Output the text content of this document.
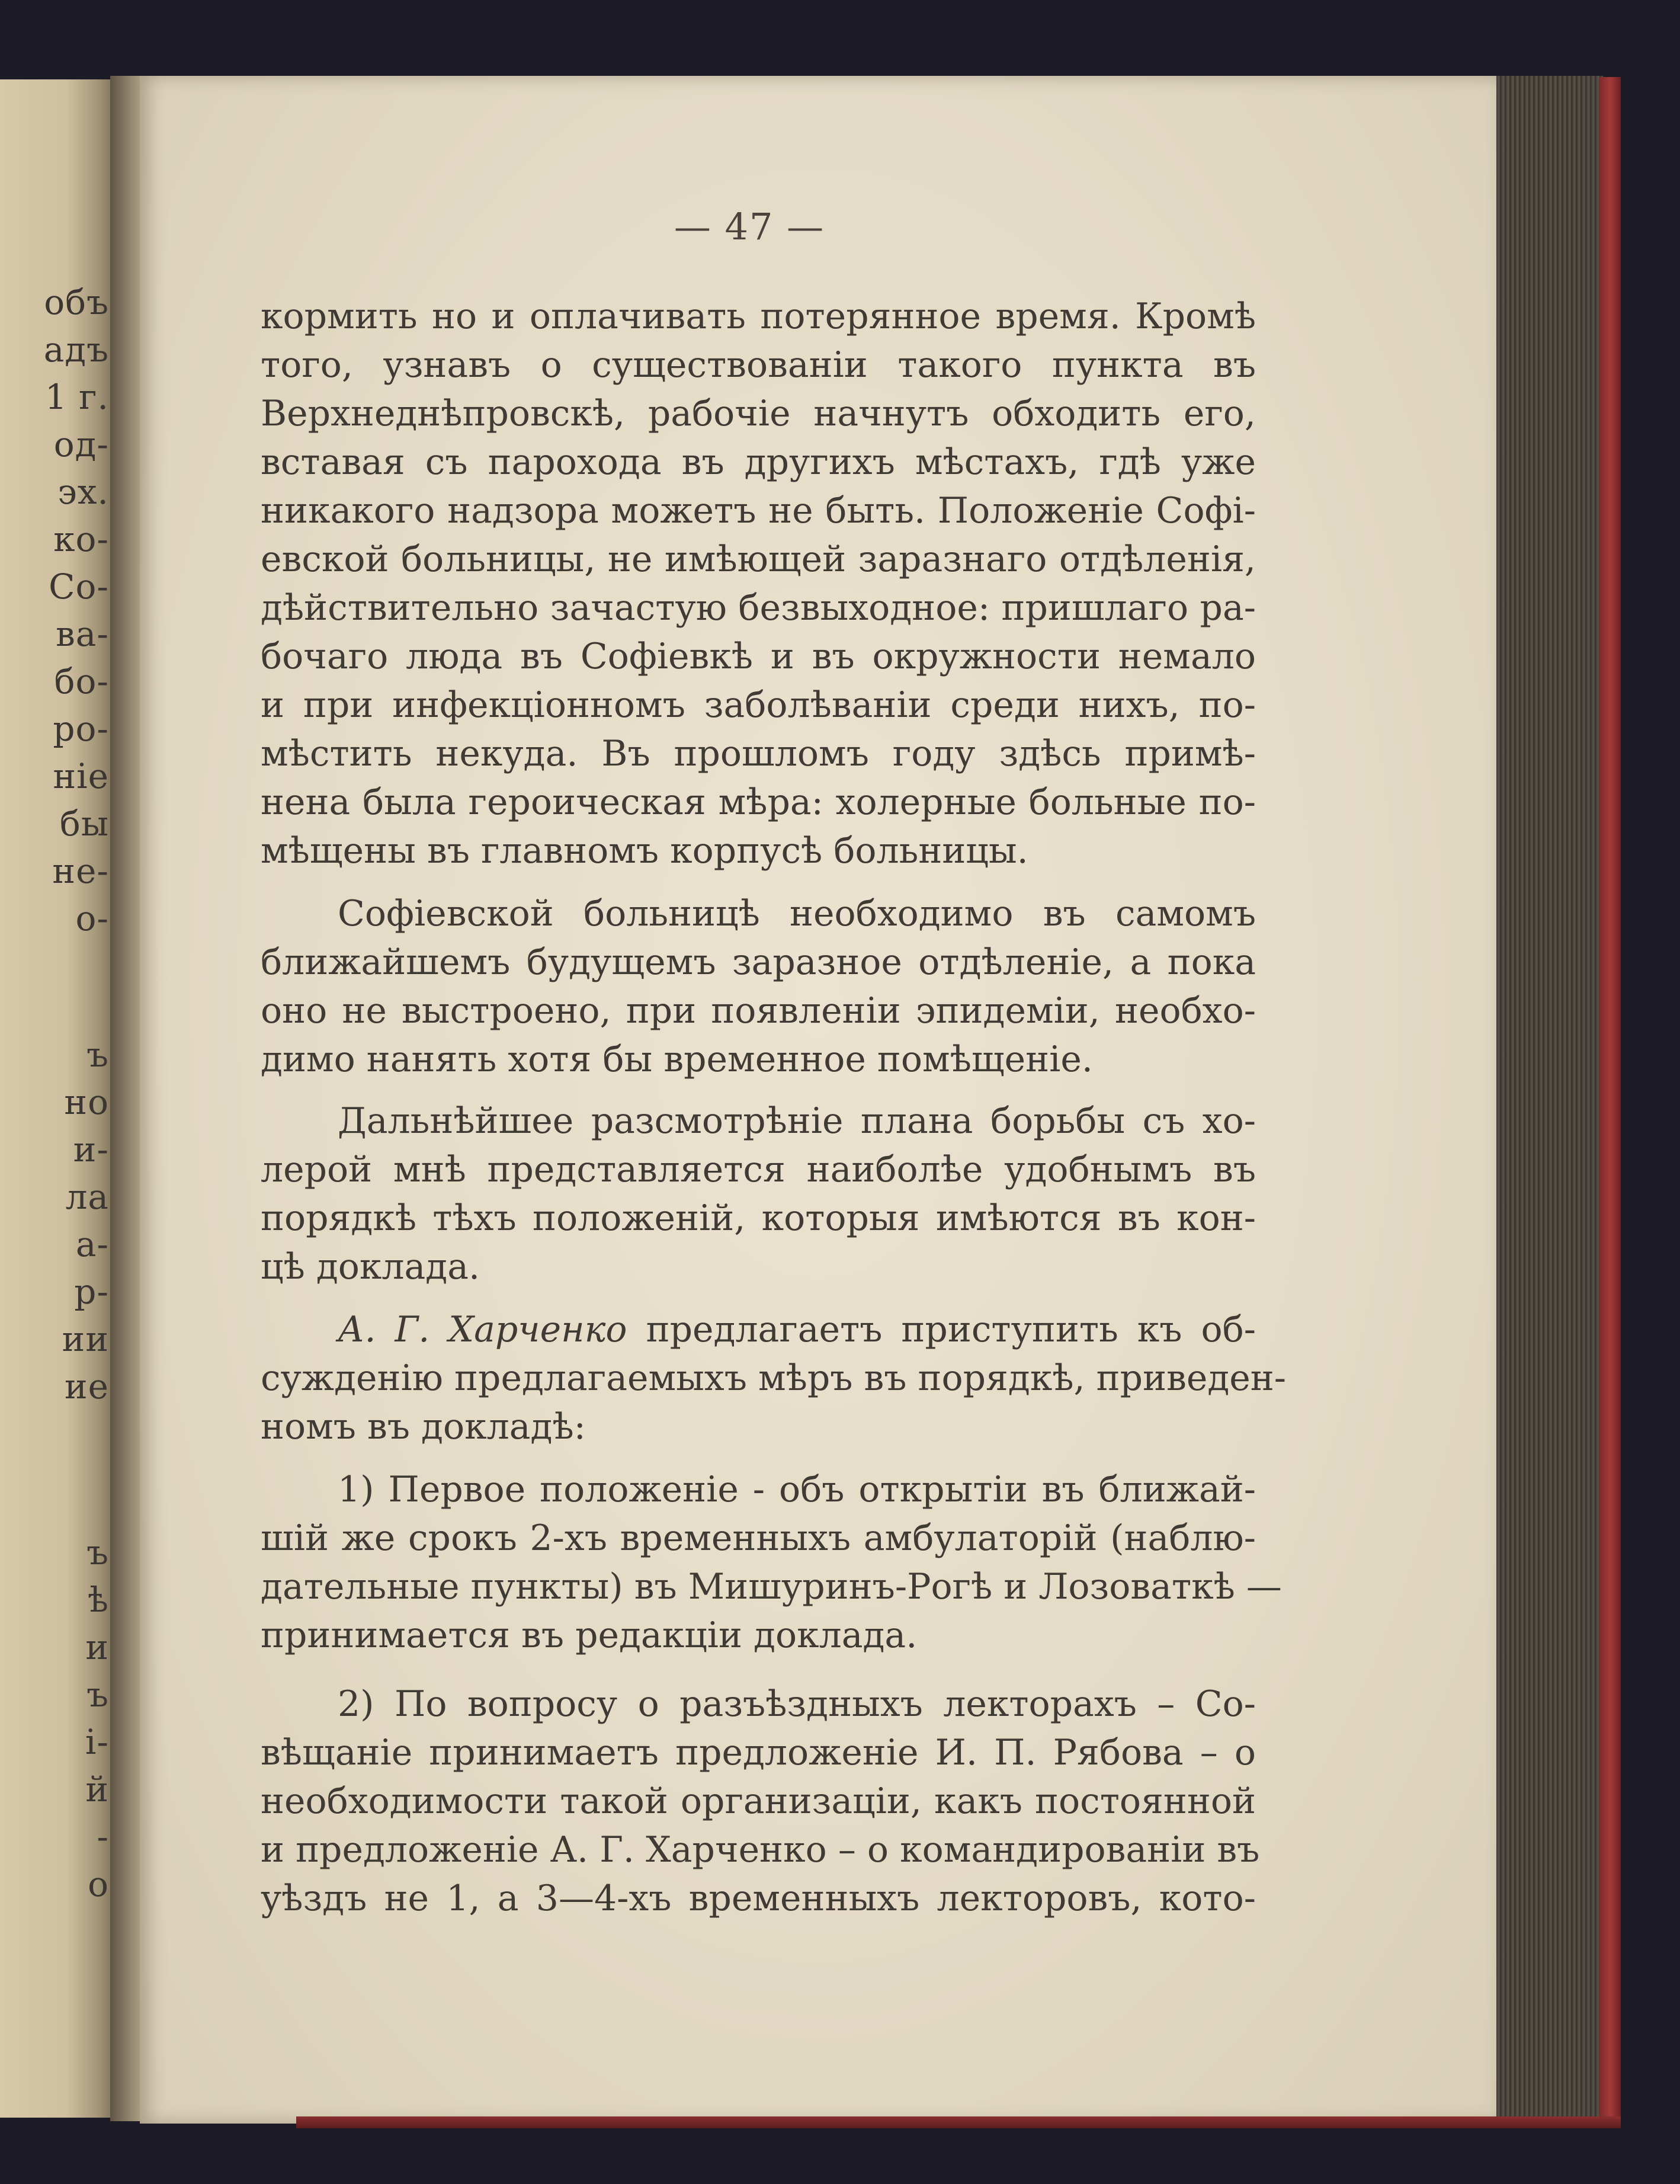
объ
адъ
1 г.
од-
эх.
ко-
Co-
ва-
бо-
ро-
ніе
бы
не-
о-
ъ
но
и-
ла
а-
р-
ии
ие
ъ
ѣ
и
ъ
і-
й
-
о
— 47 —
кормить но и оплачивать потерянное время. Кромѣ
того, узнавъ о существованіи такого пункта въ
Верхнеднѣпровскѣ, рабочіе начнутъ обходить его,
вставая съ парохода въ другихъ мѣстахъ, гдѣ уже
никакого надзора можетъ не быть. Положеніе Софі-
евской больницы, не имѣющей заразнаго отдѣленія,
дѣйствительно зачастую безвыходное: пришлаго ра-
бочаго люда въ Софіевкѣ и въ окружности немало
и при инфекціонномъ заболѣваніи среди нихъ, по-
мѣстить некуда. Въ прошломъ году здѣсь примѣ-
нена была героическая мѣра: холерные больные по-
мѣщены въ главномъ корпусѣ больницы.
Софіевской больницѣ необходимо въ самомъ
ближайшемъ будущемъ заразное отдѣленіе, а пока
оно не выстроено, при появленіи эпидеміи, необхо-
димо нанять хотя бы временное помѣщеніе.
Дальнѣйшее разсмотрѣніе плана борьбы съ хо-
лерой мнѣ представляется наиболѣе удобнымъ въ
порядкѣ тѣхъ положеній, которыя имѣются въ кон-
цѣ доклада.
А. Г. Харченко предлагаетъ приступить къ об-
сужденію предлагаемыхъ мѣръ въ порядкѣ, приведен-
номъ въ докладѣ:
1) Первое положеніе - объ открытіи въ ближай-
шій же срокъ 2-хъ временныхъ амбулаторій (наблю-
дательные пункты) въ Мишуринъ-Рогѣ и Лозоваткѣ —
принимается въ редакціи доклада.
2) По вопросу о разъѣздныхъ лекторахъ – Со-
вѣщаніе принимаетъ предложеніе И. П. Рябова – о
необходимости такой организаціи, какъ постоянной
и предложеніе А. Г. Харченко – о командированіи въ
уѣздъ не 1, а 3—4-хъ временныхъ лекторовъ, кото-
